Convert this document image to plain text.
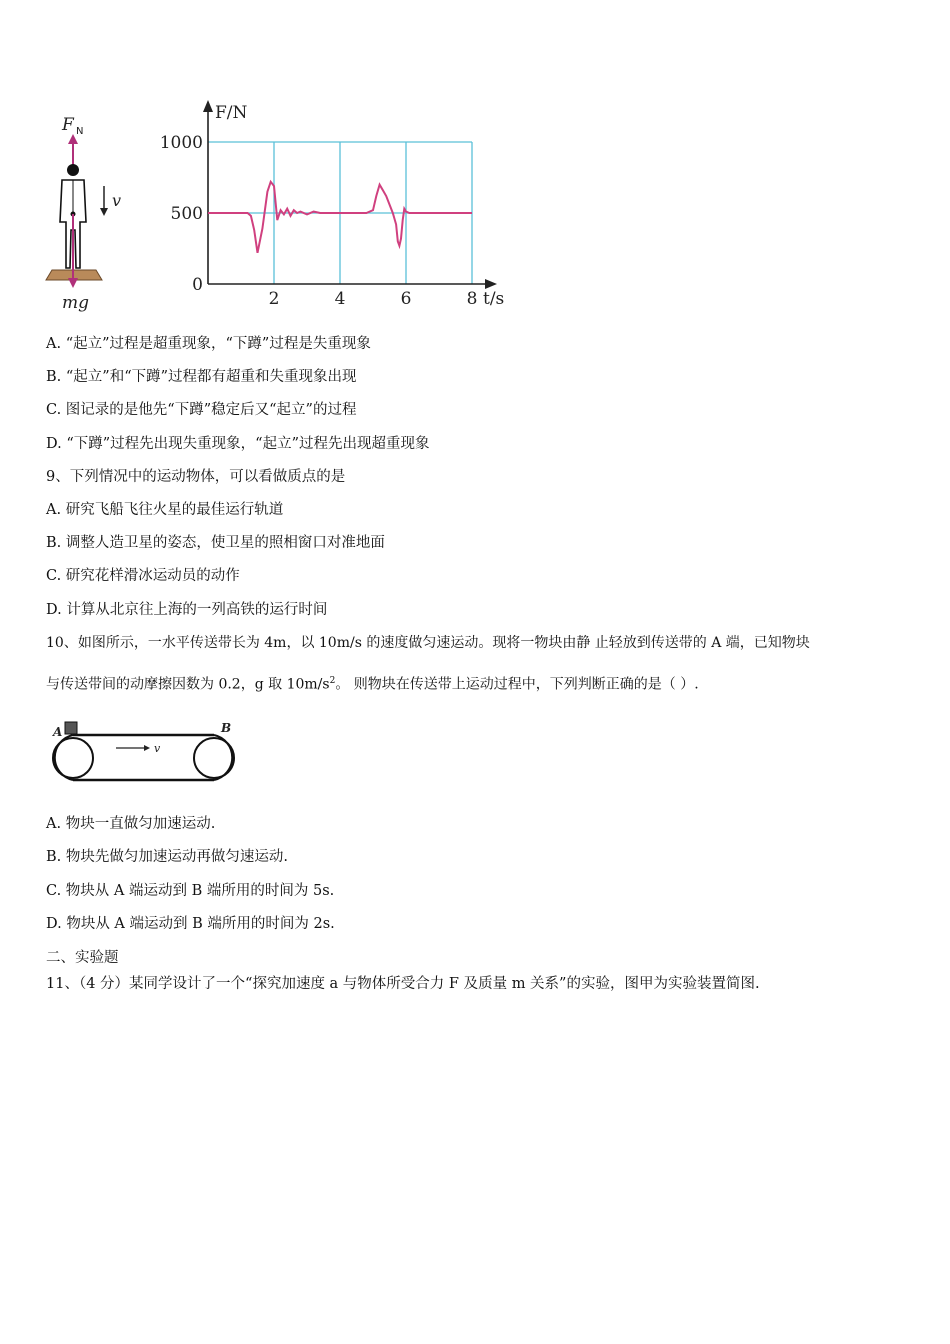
F N
mg
v
F/N
t/s
2	4	6	8
0
500
1000
A. “起立”过程是超重现象，“下蹲”过程是失重现象
B. “起立”和“下蹲”过程都有超重和失重现象出现
C. 图记录的是他先“下蹲”稳定后又“起立”的过程
D. “下蹲”过程先出现失重现象，“起立”过程先出现超重现象
9、下列情况中的运动物体，可以看做质点的是
A. 研究飞船飞往火星的最佳运行轨道
B. 调整人造卫星的姿态，使卫星的照相窗口对准地面
C. 研究花样滑冰运动员的动作
D. 计算从北京往上海的一列高铁的运行时间
10、如图所示，一水平传送带长为 4m，以 10m/s 的速度做匀速运动。现将一物块由静 止轻放到传送带的 A 端，已知物块
与传送带间的动摩擦因数为 0.2，g 取 $10m/s^2$。 则物块在传送带上运动过程中，下列判断正确的是（ ）.
A	B
v
A. 物块一直做匀加速运动.
B. 物块先做匀加速运动再做匀速运动.
C. 物块从 A 端运动到 B 端所用的时间为 5s.
D. 物块从 A 端运动到 B 端所用的时间为 2s.
二、实验题
11、（4 分）某同学设计了一个“探究加速度 a 与物体所受合力 F 及质量 m 关系”的实验，图甲为实验装置简图.
